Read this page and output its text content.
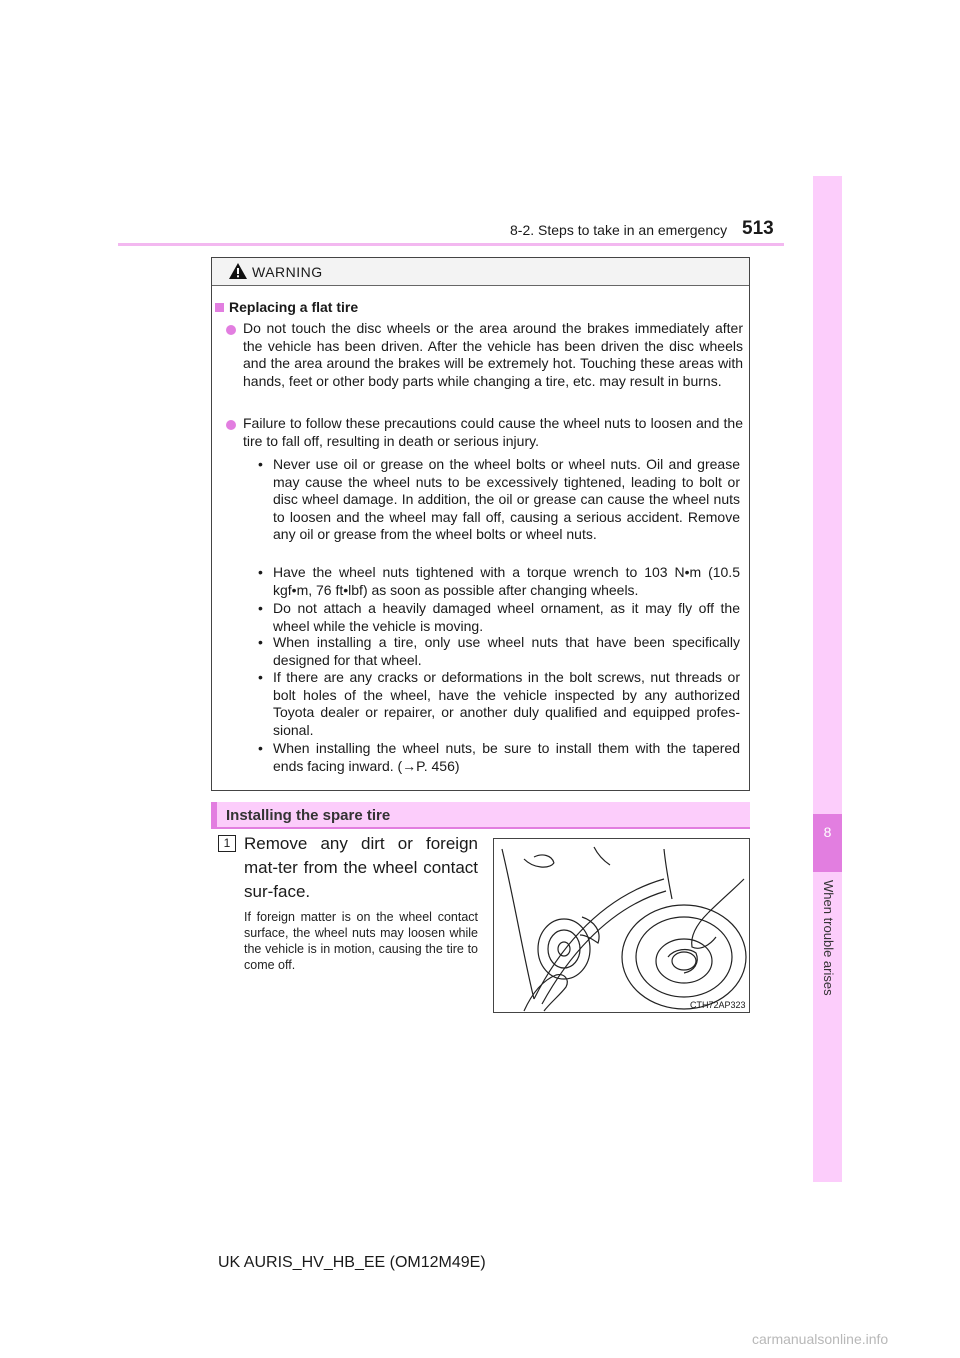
8-2. Steps to take in an emergency 513
8
When trouble arises
WARNING
Replacing a flat tire
Do not touch the disc wheels or the area around the brakes immediately after the vehicle has been driven. After the vehicle has been driven the disc wheels and the area around the brakes will be extremely hot. Touching these areas with hands, feet or other body parts while changing a tire, etc. may result in burns.
Failure to follow these precautions could cause the wheel nuts to loosen and the tire to fall off, resulting in death or serious injury.
• Never use oil or grease on the wheel bolts or wheel nuts. Oil and grease may cause the wheel nuts to be excessively tightened, leading to bolt or disc wheel damage. In addition, the oil or grease can cause the wheel nuts to loosen and the wheel may fall off, causing a serious accident. Remove any oil or grease from the wheel bolts or wheel nuts.
• Have the wheel nuts tightened with a torque wrench to 103 N•m (10.5 kgf•m, 76 ft•lbf) as soon as possible after changing wheels.
• Do not attach a heavily damaged wheel ornament, as it may fly off the wheel while the vehicle is moving.
• When installing a tire, only use wheel nuts that have been specifically designed for that wheel.
• If there are any cracks or deformations in the bolt screws, nut threads or bolt holes of the wheel, have the vehicle inspected by any authorized Toyota dealer or repairer, or another duly qualified and equipped profes-sional.
• When installing the wheel nuts, be sure to install them with the tapered ends facing inward. (→P. 456)
Installing the spare tire
1 Remove any dirt or foreign mat-ter from the wheel contact sur-face.
If foreign matter is on the wheel contact surface, the wheel nuts may loosen while the vehicle is in motion, causing the tire to come off.
CTH72AP323
UK AURIS_HV_HB_EE (OM12M49E)
carmanualsonline.info
